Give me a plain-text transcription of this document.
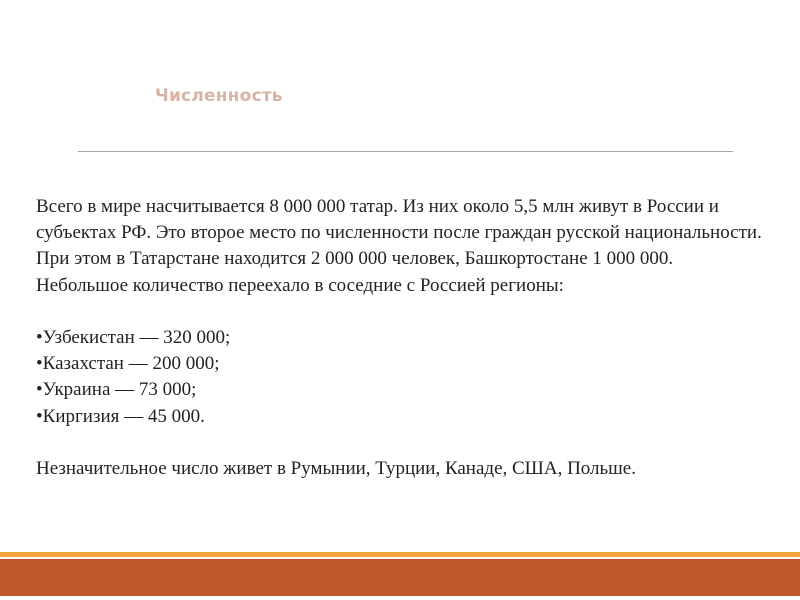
Численность

Всего в мире насчитывается 8 000 000 татар. Из них около 5,5 млн живут в России и субъектах РФ. Это второе место по численности после граждан русской национальности. При этом в Татарстане находится 2 000 000 человек, Башкортостане 1 000 000. Небольшое количество переехало в соседние с Россией регионы:

• Узбекистан — 320 000;
• Казахстан — 200 000;
• Украина — 73 000;
• Киргизия — 45 000.

Незначительное число живет в Румынии, Турции, Канаде, США, Польше.
